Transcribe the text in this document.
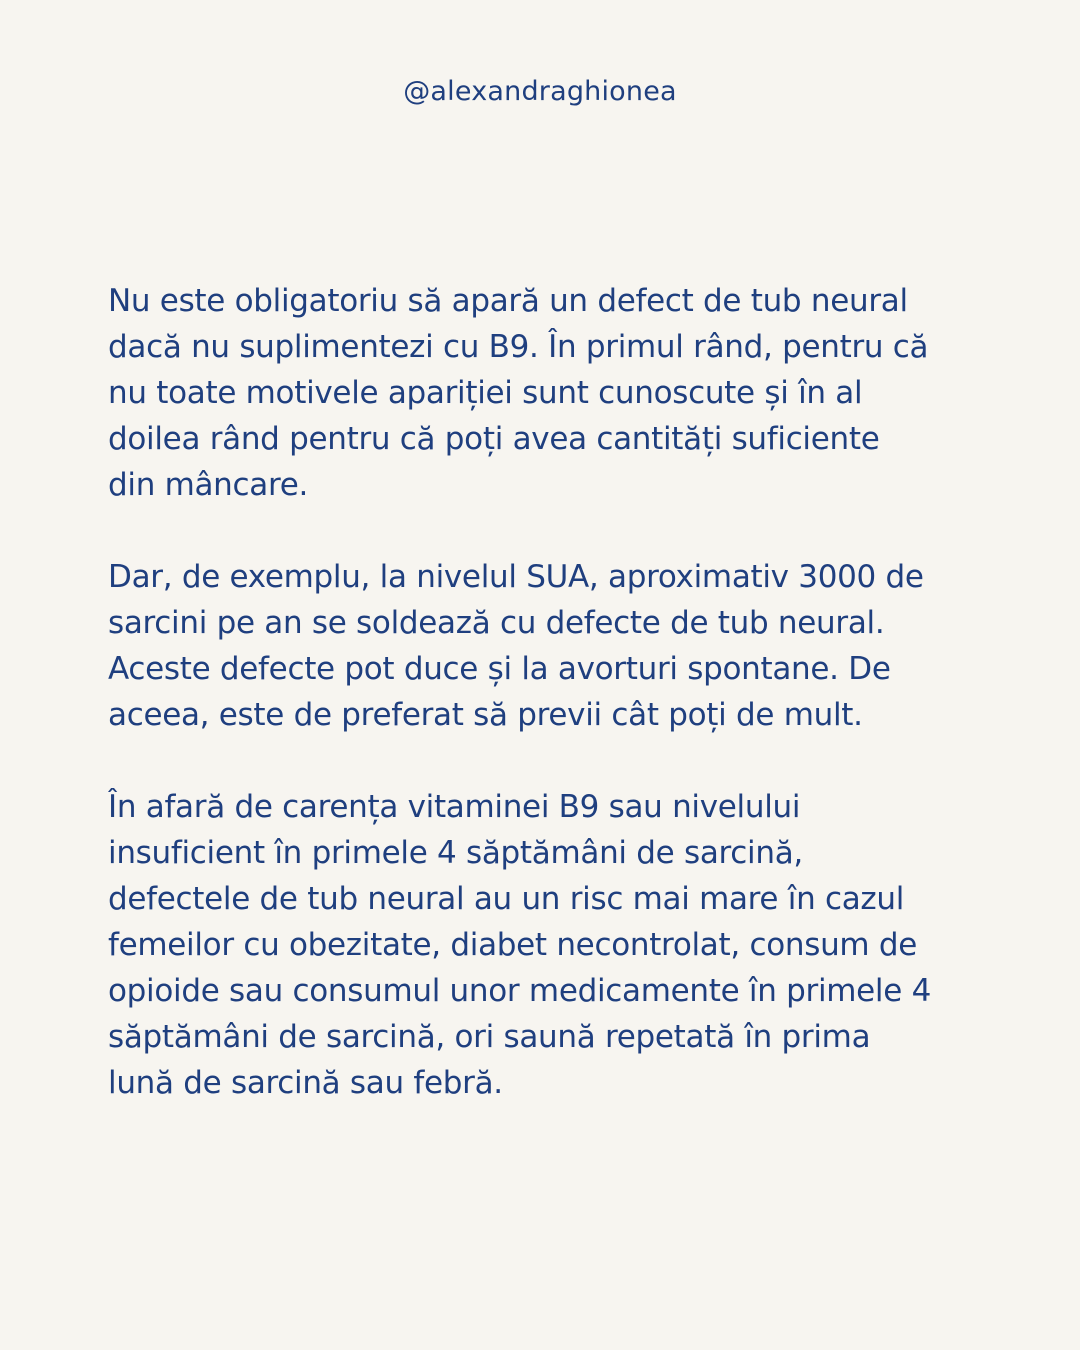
@alexandraghionea

Nu este obligatoriu să apară un defect de tub neural
dacă nu suplimentezi cu B9. În primul rând, pentru că
nu toate motivele apariției sunt cunoscute și în al
doilea rând pentru că poți avea cantități suficiente
din mâncare.

Dar, de exemplu, la nivelul SUA, aproximativ 3000 de
sarcini pe an se soldează cu defecte de tub neural.
Aceste defecte pot duce și la avorturi spontane. De
aceea, este de preferat să previi cât poți de mult.

În afară de carența vitaminei B9 sau nivelului
insuficient în primele 4 săptămâni de sarcină,
defectele de tub neural au un risc mai mare în cazul
femeilor cu obezitate, diabet necontrolat, consum de
opioide sau consumul unor medicamente în primele 4
săptămâni de sarcină, ori saună repetată în prima
lună de sarcină sau febră.
